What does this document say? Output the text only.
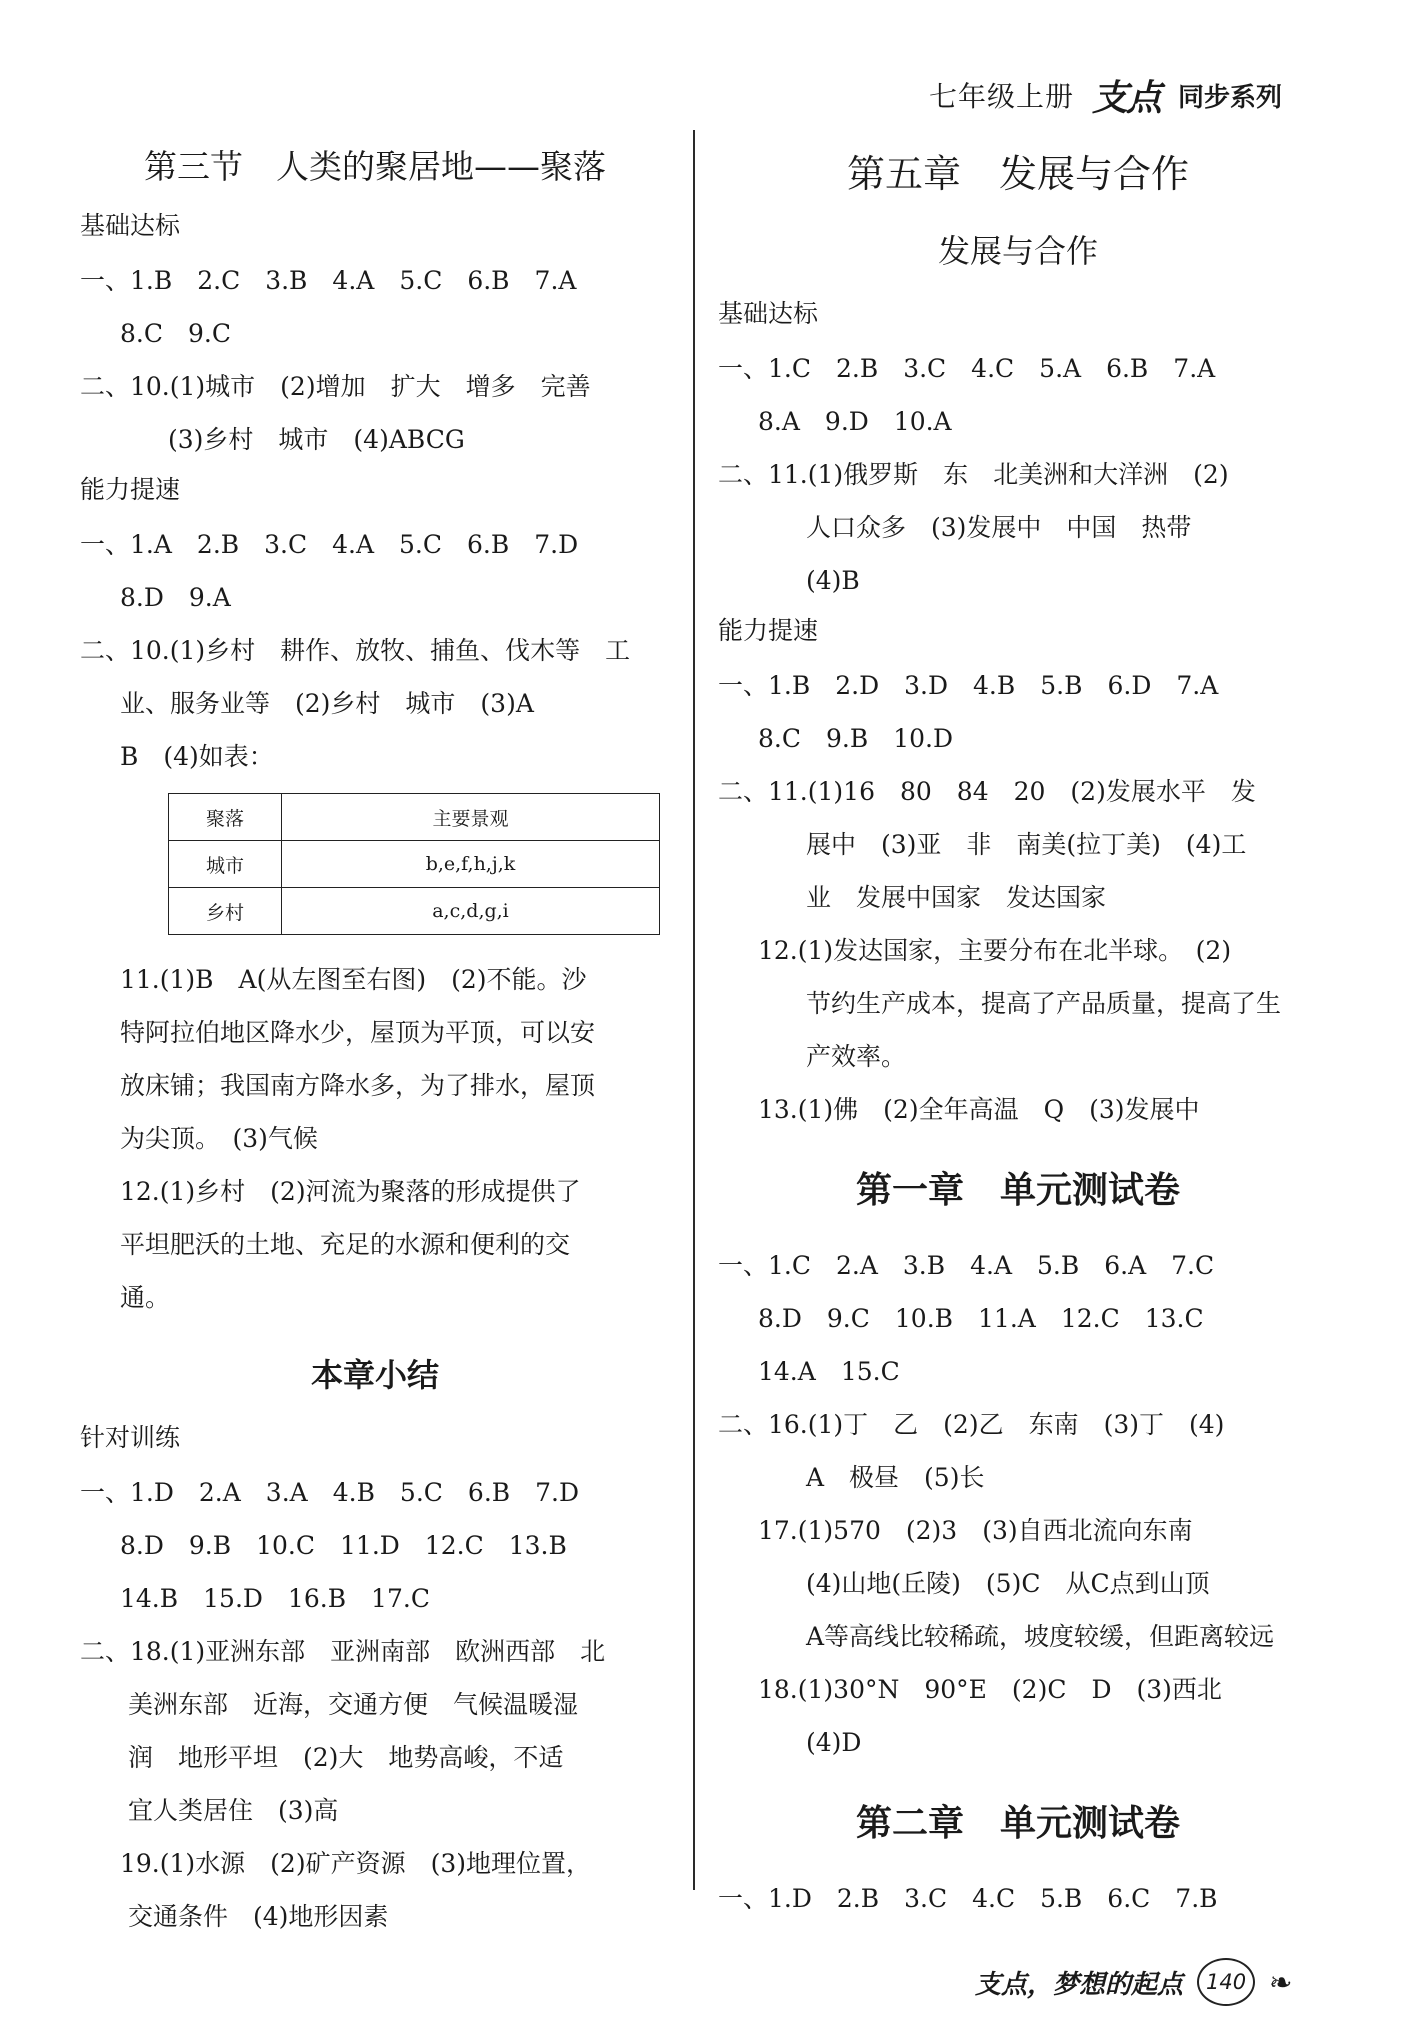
七年级上册 支点 同步系列
第三节　人类的聚居地——聚落
基础达标
一、1.B　2.C　3.B　4.A　5.C　6.B　7.A
8.C　9.C
二、10.(1)城市　(2)增加　扩大　增多　完善
(3)乡村　城市　(4)ABCG
能力提速
一、1.A　2.B　3.C　4.A　5.C　6.B　7.D
8.D　9.A
二、10.(1)乡村　耕作、放牧、捕鱼、伐木等　工
业、服务业等　(2)乡村　城市　(3)A
B　(4)如表：
聚落	主要景观
城市	b,e,f,h,j,k
乡村	a,c,d,g,i
11.(1)B　A(从左图至右图)　(2)不能。沙
特阿拉伯地区降水少，屋顶为平顶，可以安
放床铺；我国南方降水多，为了排水，屋顶
为尖顶。　(3)气候
12.(1)乡村　(2)河流为聚落的形成提供了
平坦肥沃的土地、充足的水源和便利的交
通。
本章小结
针对训练
一、1.D　2.A　3.A　4.B　5.C　6.B　7.D
8.D　9.B　10.C　11.D　12.C　13.B
14.B　15.D　16.B　17.C
二、18.(1)亚洲东部　亚洲南部　欧洲西部　北
美洲东部　近海，交通方便　气候温暖湿
润　地形平坦　(2)大　地势高峻，不适
宜人类居住　(3)高
19.(1)水源　(2)矿产资源　(3)地理位置，
交通条件　(4)地形因素
第五章　发展与合作
发展与合作
基础达标
一、1.C　2.B　3.C　4.C　5.A　6.B　7.A
8.A　9.D　10.A
二、11.(1)俄罗斯　东　北美洲和大洋洲　(2)
人口众多　(3)发展中　中国　热带
(4)B
能力提速
一、1.B　2.D　3.D　4.B　5.B　6.D　7.A
8.C　9.B　10.D
二、11.(1)16　80　84　20　(2)发展水平　发
展中　(3)亚　非　南美(拉丁美)　(4)工
业　发展中国家　发达国家
12.(1)发达国家，主要分布在北半球。　(2)
节约生产成本，提高了产品质量，提高了生
产效率。
13.(1)佛　(2)全年高温　Q　(3)发展中
第一章　单元测试卷
一、1.C　2.A　3.B　4.A　5.B　6.A　7.C
8.D　9.C　10.B　11.A　12.C　13.C
14.A　15.C
二、16.(1)丁　乙　(2)乙　东南　(3)丁　(4)
A　极昼　(5)长
17.(1)570　(2)3　(3)自西北流向东南
(4)山地(丘陵)　(5)C　从C点到山顶
A等高线比较稀疏，坡度较缓，但距离较远
18.(1)30°N　90°E　(2)C　D　(3)西北
(4)D
第二章　单元测试卷
一、1.D　2.B　3.C　4.C　5.B　6.C　7.B
支点，梦想的起点	140 ❧
